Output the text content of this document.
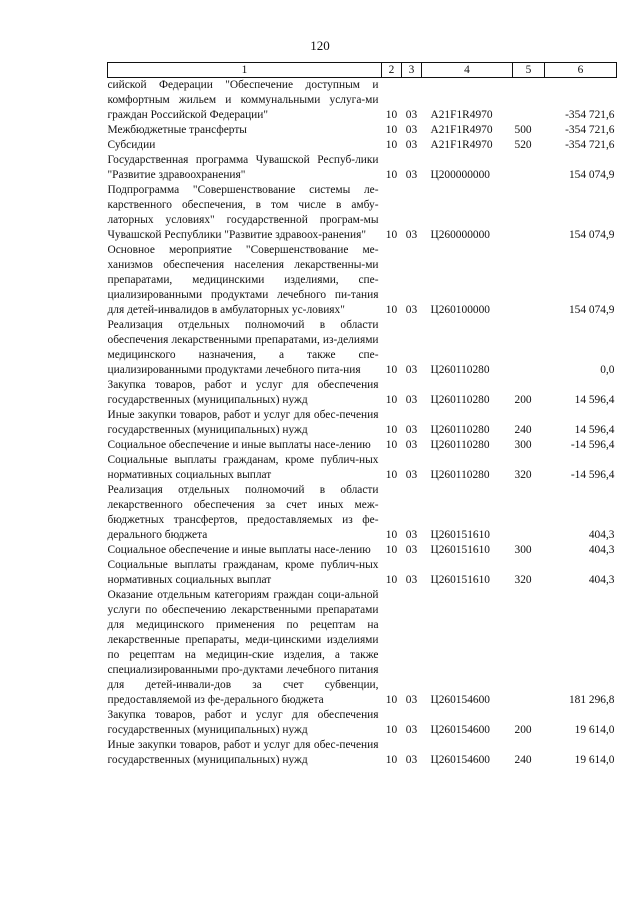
120
1	2	3	4	5	6
сийской Федерации "Обеспечение доступным и комфортным жильем и коммунальными услуга-ми граждан Российской Федерации"	10	03	А21F1R4970		-354 721,6
Межбюджетные трансферты	10	03	А21F1R4970	500	-354 721,6
Субсидии	10	03	А21F1R4970	520	-354 721,6
Государственная программа Чувашской Респуб-лики "Развитие здравоохранения"	10	03	Ц200000000		154 074,9
Подпрограмма "Совершенствование системы ле-карственного обеспечения, в том числе в амбу-латорных условиях" государственной програм-мы Чувашской Республики "Развитие здравоох-ранения"	10	03	Ц260000000		154 074,9
Основное мероприятие "Совершенствование ме-ханизмов обеспечения населения лекарственны-ми препаратами, медицинскими изделиями, спе-циализированными продуктами лечебного пи-тания для детей-инвалидов в амбулаторных ус-ловиях"	10	03	Ц260100000		154 074,9
Реализация отдельных полномочий в области обеспечения лекарственными препаратами, из-делиями медицинского назначения, а также спе-циализированными продуктами лечебного пита-ния	10	03	Ц260110280		0,0
Закупка товаров, работ и услуг для обеспечения государственных (муниципальных) нужд	10	03	Ц260110280	200	14 596,4
Иные закупки товаров, работ и услуг для обес-печения государственных (муниципальных) нужд	10	03	Ц260110280	240	14 596,4
Социальное обеспечение и иные выплаты насе-лению	10	03	Ц260110280	300	-14 596,4
Социальные выплаты гражданам, кроме публич-ных нормативных социальных выплат	10	03	Ц260110280	320	-14 596,4
Реализация отдельных полномочий в области лекарственного обеспечения за счет иных меж-бюджетных трансфертов, предоставляемых из фе-дерального бюджета	10	03	Ц260151610		404,3
Социальное обеспечение и иные выплаты насе-лению	10	03	Ц260151610	300	404,3
Социальные выплаты гражданам, кроме публич-ных нормативных социальных выплат	10	03	Ц260151610	320	404,3
Оказание отдельным категориям граждан соци-альной услуги по обеспечению лекарственными препаратами для медицинского применения по рецептам на лекарственные препараты, меди-цинскими изделиями по рецептам на медицин-ские изделия, а также специализированными про-дуктами лечебного питания для детей-инвали-дов за счет субвенции, предоставляемой из фе-дерального бюджета	10	03	Ц260154600		181 296,8
Закупка товаров, работ и услуг для обеспечения государственных (муниципальных) нужд	10	03	Ц260154600	200	19 614,0
Иные закупки товаров, работ и услуг для обес-печения государственных (муниципальных) нужд	10	03	Ц260154600	240	19 614,0
